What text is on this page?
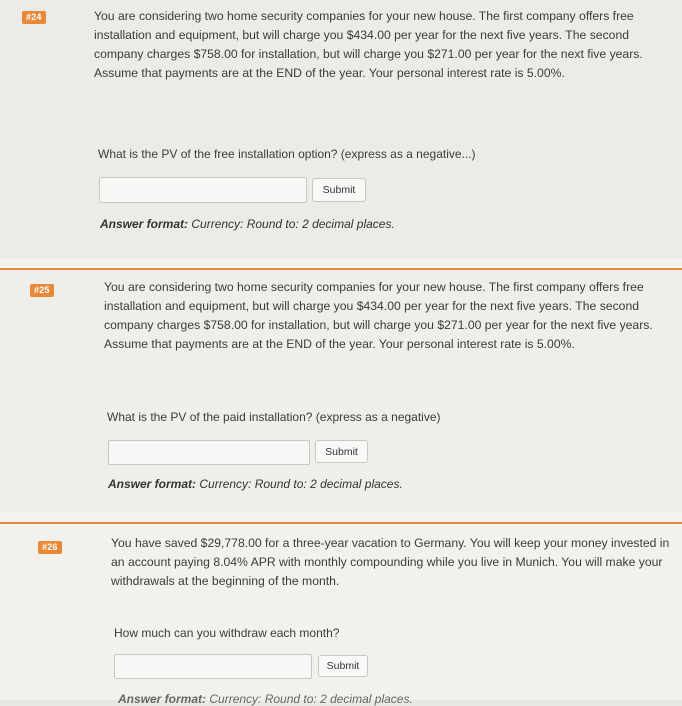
#24	You are considering two home security companies for your new house. The first company offers free installation and equipment, but will charge you $434.00 per year for the next five years. The second company charges $758.00 for installation, but will charge you $271.00 per year for the next five years. Assume that payments are at the END of the year. Your personal interest rate is 5.00%.

What is the PV of the free installation option? (express as a negative...)
Submit
Answer format: Currency: Round to: 2 decimal places.
#25	You are considering two home security companies for your new house. The first company offers free installation and equipment, but will charge you $434.00 per year for the next five years. The second company charges $758.00 for installation, but will charge you $271.00 per year for the next five years. Assume that payments are at the END of the year. Your personal interest rate is 5.00%.

What is the PV of the paid installation? (express as a negative)
Submit
Answer format: Currency: Round to: 2 decimal places.
#26	You have saved $29,778.00 for a three-year vacation to Germany. You will keep your money invested in an account paying 8.04% APR with monthly compounding while you live in Munich. You will make your withdrawals at the beginning of the month.

How much can you withdraw each month?
Submit
Answer format: Currency: Round to: 2 decimal places.
